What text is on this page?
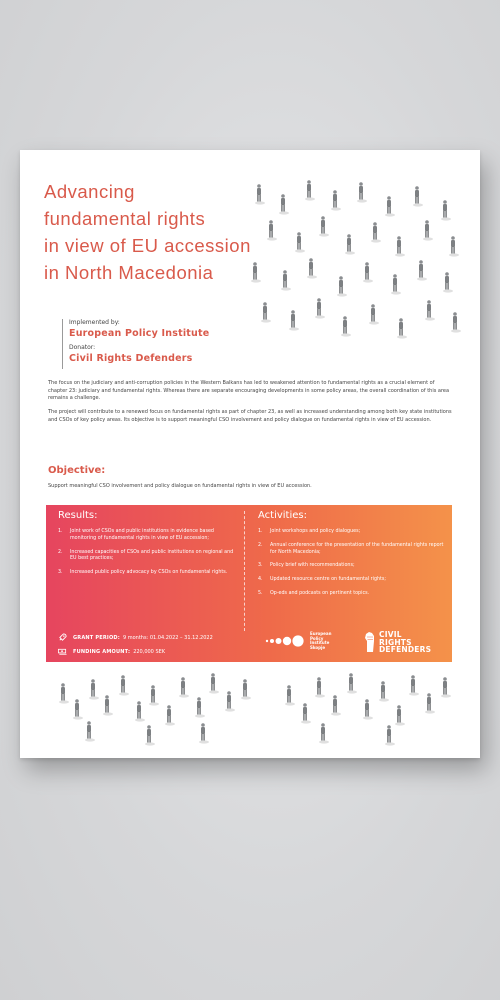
Advancing
fundamental rights
in view of EU accession
in North Macedonia

Implemented by:

European Policy Institute

Donator:

Civil Rights Defenders

The focus on the judiciary and anti-corruption policies in the Western Balkans has led to weakened attention to fundamental rights as a crucial element of chapter 23: judiciary and fundamental rights. Whereas there are separate encouraging developments in some policy areas, the overall coordination of this area remains a challenge.

The project will contribute to a renewed focus on fundamental rights as part of chapter 23, as well as increased understanding among both key state institutions and CSOs of key policy areas. Its objective is to support meaningful CSO involvement and policy dialogue on fundamental rights in view of EU accession.

Objective:

Support meaningful CSO involvement and policy dialogue on fundamental rights in view of EU accession.

Results:
1.	Joint work of CSOs and public institutions in evidence based monitoring of fundamental rights in view of EU accession;
2.	Increased capacities of CSOs and public institutions on regional and EU best practices;
3.	Increased public policy advocacy by CSOs on fundamental rights.
Activities:
1.	Joint workshops and policy dialogues;
2.	Annual conference for the presentation of the fundamental rights report for North Macedonia;
3.	Policy brief with recommendations;
4.	Updated resource centre on fundamental rights;
5.	Op-eds and podcasts on pertinent topics.
GRANT PERIOD: 9 months: 01.04.2022 – 31.12.2022
FUNDING AMOUNT: 220,000 SEK
European
Policy
Institute
Skopje
CIVIL
RIGHTS
DEFENDERS
